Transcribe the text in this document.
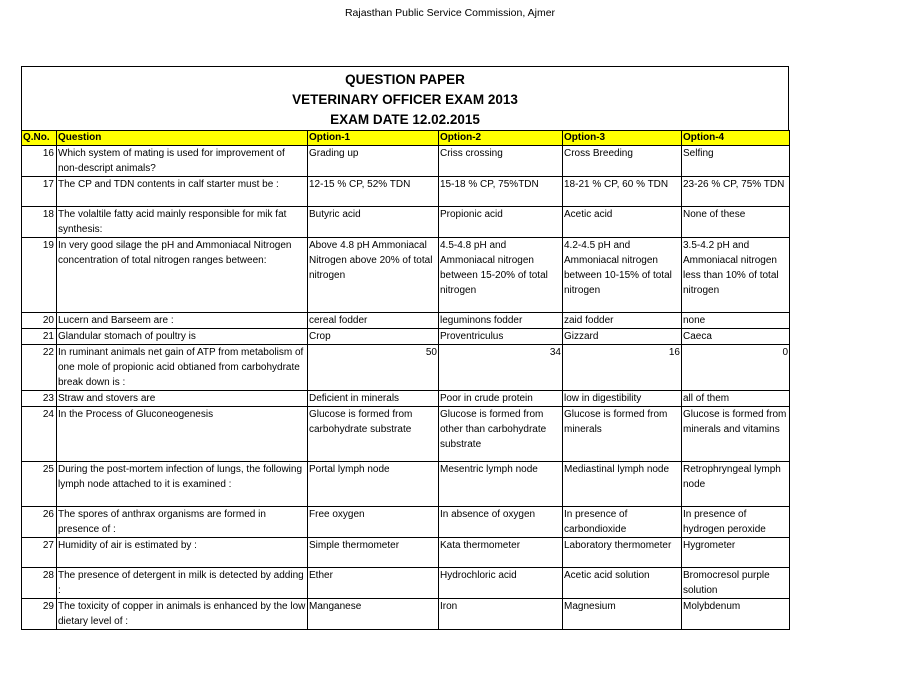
Rajasthan Public Service Commission, Ajmer
QUESTION PAPER
VETERINARY OFFICER EXAM 2013
EXAM DATE 12.02.2015
Q.No.	Question	Option-1	Option-2	Option-3	Option-4
16	Which system of mating is used for improvement of non-descript animals?	Grading up	Criss crossing	Cross Breeding	Selfing
17	The CP and TDN contents in calf starter must be :	12-15 % CP, 52% TDN	15-18 % CP, 75%TDN	18-21 % CP, 60 % TDN	23-26 % CP, 75% TDN
18	The volaltile fatty acid mainly responsible for mik fat synthesis:	Butyric acid	Propionic acid	Acetic acid	None of these
19	In very good silage the pH and Ammoniacal Nitrogen concentration of total nitrogen ranges between:	Above 4.8 pH Ammoniacal Nitrogen above 20% of total nitrogen	4.5-4.8 pH and Ammoniacal nitrogen between 15-20% of total nitrogen	4.2-4.5 pH and Ammoniacal nitrogen between 10-15% of total nitrogen	3.5-4.2 pH and Ammoniacal nitrogen less than 10% of total nitrogen
20	Lucern and Barseem are :	cereal fodder	leguminons fodder	zaid fodder	none
21	Glandular stomach of poultry is	Crop	Proventriculus	Gizzard	Caeca
22	In ruminant animals net gain of ATP from metabolism of one mole of propionic acid obtianed from carbohydrate break down is :	50	34	16	0
23	Straw and stovers are	Deficient in minerals	Poor in crude protein	low in digestibility	all of them
24	In the Process of Gluconeogenesis	Glucose is formed from carbohydrate substrate	Glucose is formed from other than carbohydrate substrate	Glucose is formed from minerals	Glucose is formed from minerals and vitamins
25	During the post-mortem infection of lungs, the following lymph node attached to it is examined :	Portal lymph node	Mesentric lymph node	Mediastinal lymph node	Retrophryngeal lymph node
26	The spores of anthrax organisms are formed in presence of :	Free oxygen	In absence of oxygen	In presence of carbondioxide	In presence of hydrogen peroxide
27	Humidity of air is estimated by :	Simple thermometer	Kata thermometer	Laboratory thermometer	Hygrometer
28	The presence of detergent in milk is detected by adding :	Ether	Hydrochloric acid	Acetic acid solution	Bromocresol purple solution
29	The toxicity of copper in animals is enhanced by the low dietary level of :	Manganese	Iron	Magnesium	Molybdenum
